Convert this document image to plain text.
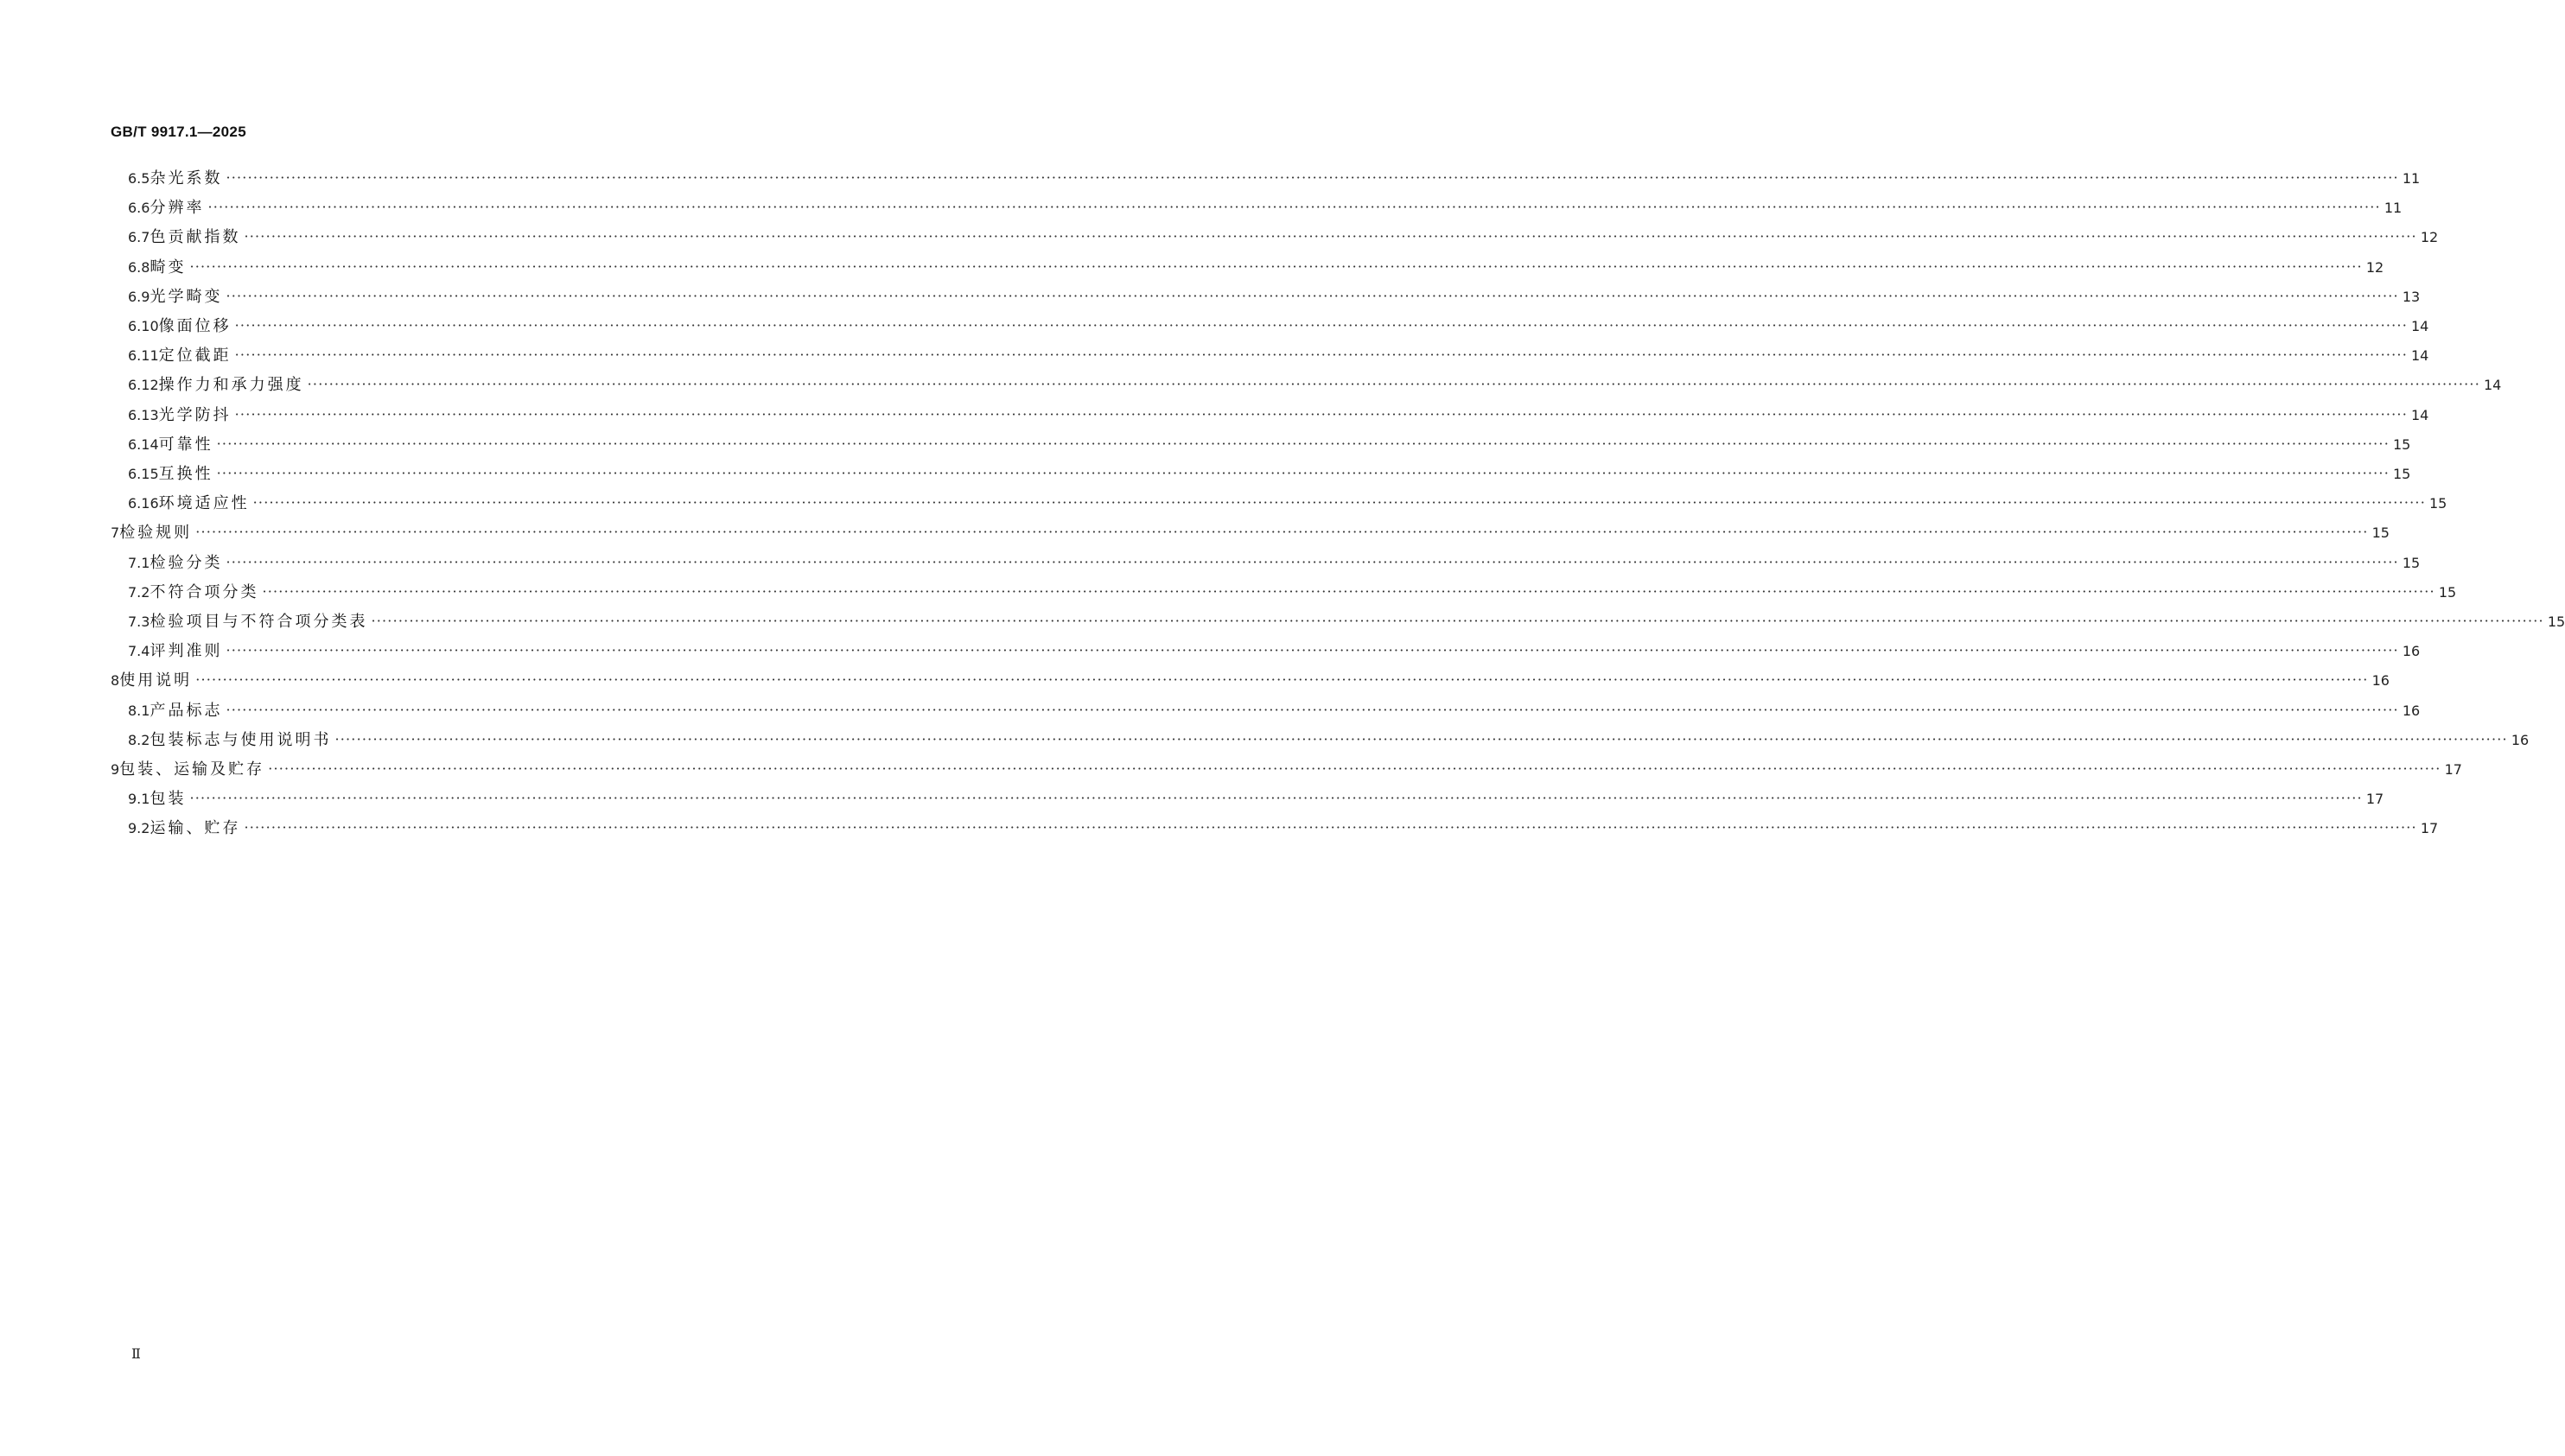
GB/T 9917.1—2025
6.5 杂光系数 ················································································································································································································································································································································································································ 11
6.6 分辨率 ················································································································································································································································································································································································································ 11
6.7 色贡献指数 ················································································································································································································································································································································································································ 12
6.8 畸变 ················································································································································································································································································································································································································ 12
6.9 光学畸变 ················································································································································································································································································································································································································ 13
6.10 像面位移 ················································································································································································································································································································································································································ 14
6.11 定位截距 ················································································································································································································································································································································································································ 14
6.12 操作力和承力强度 ················································································································································································································································································································································································································ 14
6.13 光学防抖 ················································································································································································································································································································································································································ 14
6.14 可靠性 ················································································································································································································································································································································································································ 15
6.15 互换性 ················································································································································································································································································································································································································ 15
6.16 环境适应性 ················································································································································································································································································································································································································ 15
7 检验规则 ················································································································································································································································································································································································································ 15
7.1 检验分类 ················································································································································································································································································································································································································ 15
7.2 不符合项分类 ················································································································································································································································································································································································································ 15
7.3 检验项目与不符合项分类表 ················································································································································································································································································································································································································ 15
7.4 评判准则 ················································································································································································································································································································································································································ 16
8 使用说明 ················································································································································································································································································································································································································ 16
8.1 产品标志 ················································································································································································································································································································································································································ 16
8.2 包装标志与使用说明书 ················································································································································································································································································································································································································ 16
9 包装、运输及贮存 ················································································································································································································································································································································································································ 17
9.1 包装 ················································································································································································································································································································································································································ 17
9.2 运输、贮存 ················································································································································································································································································································································································································ 17
Ⅱ
